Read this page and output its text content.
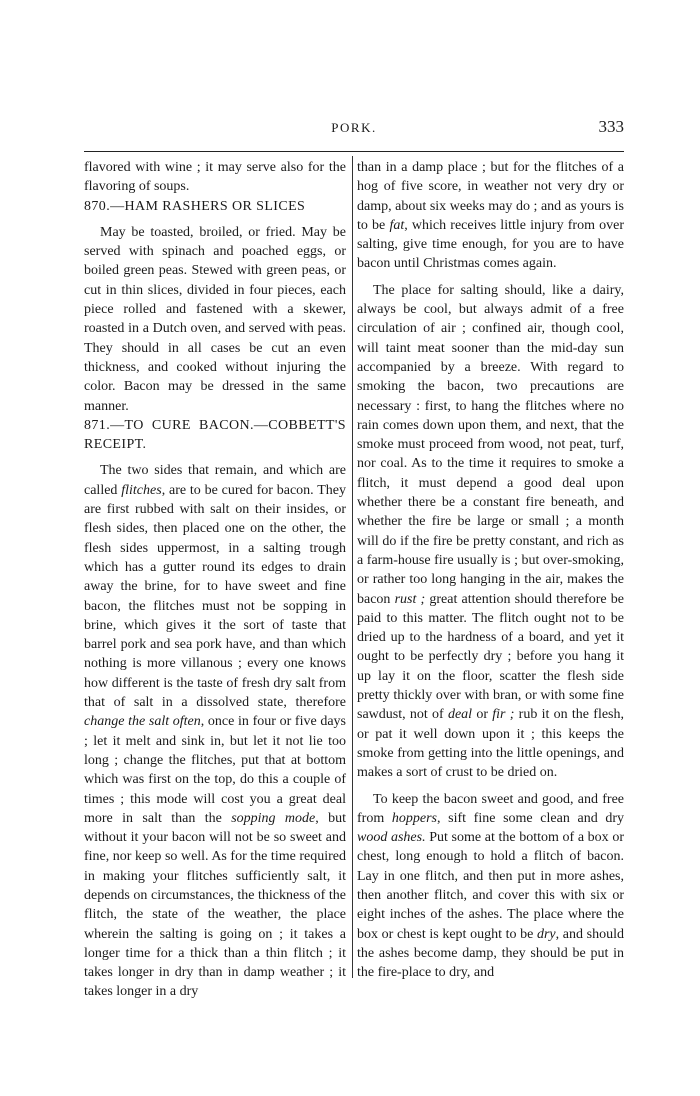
PORK.	333

flavored with wine ; it may serve also for the flavoring of soups.

870.—HAM RASHERS OR SLICES

May be toasted, broiled, or fried. May be served with spinach and poached eggs, or boiled green peas. Stewed with green peas, or cut in thin slices, divided in four pieces, each piece rolled and fastened with a skewer, roasted in a Dutch oven, and served with peas. They should in all cases be cut an even thickness, and cooked without injuring the color. Bacon may be dressed in the same manner.

871.—TO CURE BACON.—COBBETT'S RECEIPT.

The two sides that remain, and which are called flitches, are to be cured for bacon. They are first rubbed with salt on their insides, or flesh sides, then placed one on the other, the flesh sides uppermost, in a salting trough which has a gutter round its edges to drain away the brine, for to have sweet and fine bacon, the flitches must not be sopping in brine, which gives it the sort of taste that barrel pork and sea pork have, and than which nothing is more villanous ; every one knows how different is the taste of fresh dry salt from that of salt in a dissolved state, therefore change the salt often, once in four or five days ; let it melt and sink in, but let it not lie too long ; change the flitches, put that at bottom which was first on the top, do this a couple of times ; this mode will cost you a great deal more in salt than the sopping mode, but without it your bacon will not be so sweet and fine, nor keep so well. As for the time required in making your flitches sufficiently salt, it depends on circumstances, the thickness of the flitch, the state of the weather, the place wherein the salting is going on ; it takes a longer time for a thick than a thin flitch ; it takes longer in dry than in damp weather ; it takes longer in a dry

than in a damp place ; but for the flitches of a hog of five score, in weather not very dry or damp, about six weeks may do ; and as yours is to be fat, which receives little injury from over salting, give time enough, for you are to have bacon until Christmas comes again.

The place for salting should, like a dairy, always be cool, but always admit of a free circulation of air ; confined air, though cool, will taint meat sooner than the mid-day sun accompanied by a breeze. With regard to smoking the bacon, two precautions are necessary : first, to hang the flitches where no rain comes down upon them, and next, that the smoke must proceed from wood, not peat, turf, nor coal. As to the time it requires to smoke a flitch, it must depend a good deal upon whether there be a constant fire beneath, and whether the fire be large or small ; a month will do if the fire be pretty constant, and rich as a farm-house fire usually is ; but over-smoking, or rather too long hanging in the air, makes the bacon rust ; great attention should therefore be paid to this matter. The flitch ought not to be dried up to the hardness of a board, and yet it ought to be perfectly dry ; before you hang it up lay it on the floor, scatter the flesh side pretty thickly over with bran, or with some fine sawdust, not of deal or fir ; rub it on the flesh, or pat it well down upon it ; this keeps the smoke from getting into the little openings, and makes a sort of crust to be dried on.

To keep the bacon sweet and good, and free from hoppers, sift fine some clean and dry wood ashes. Put some at the bottom of a box or chest, long enough to hold a flitch of bacon. Lay in one flitch, and then put in more ashes, then another flitch, and cover this with six or eight inches of the ashes. The place where the box or chest is kept ought to be dry, and should the ashes become damp, they should be put in the fire-place to dry, and
